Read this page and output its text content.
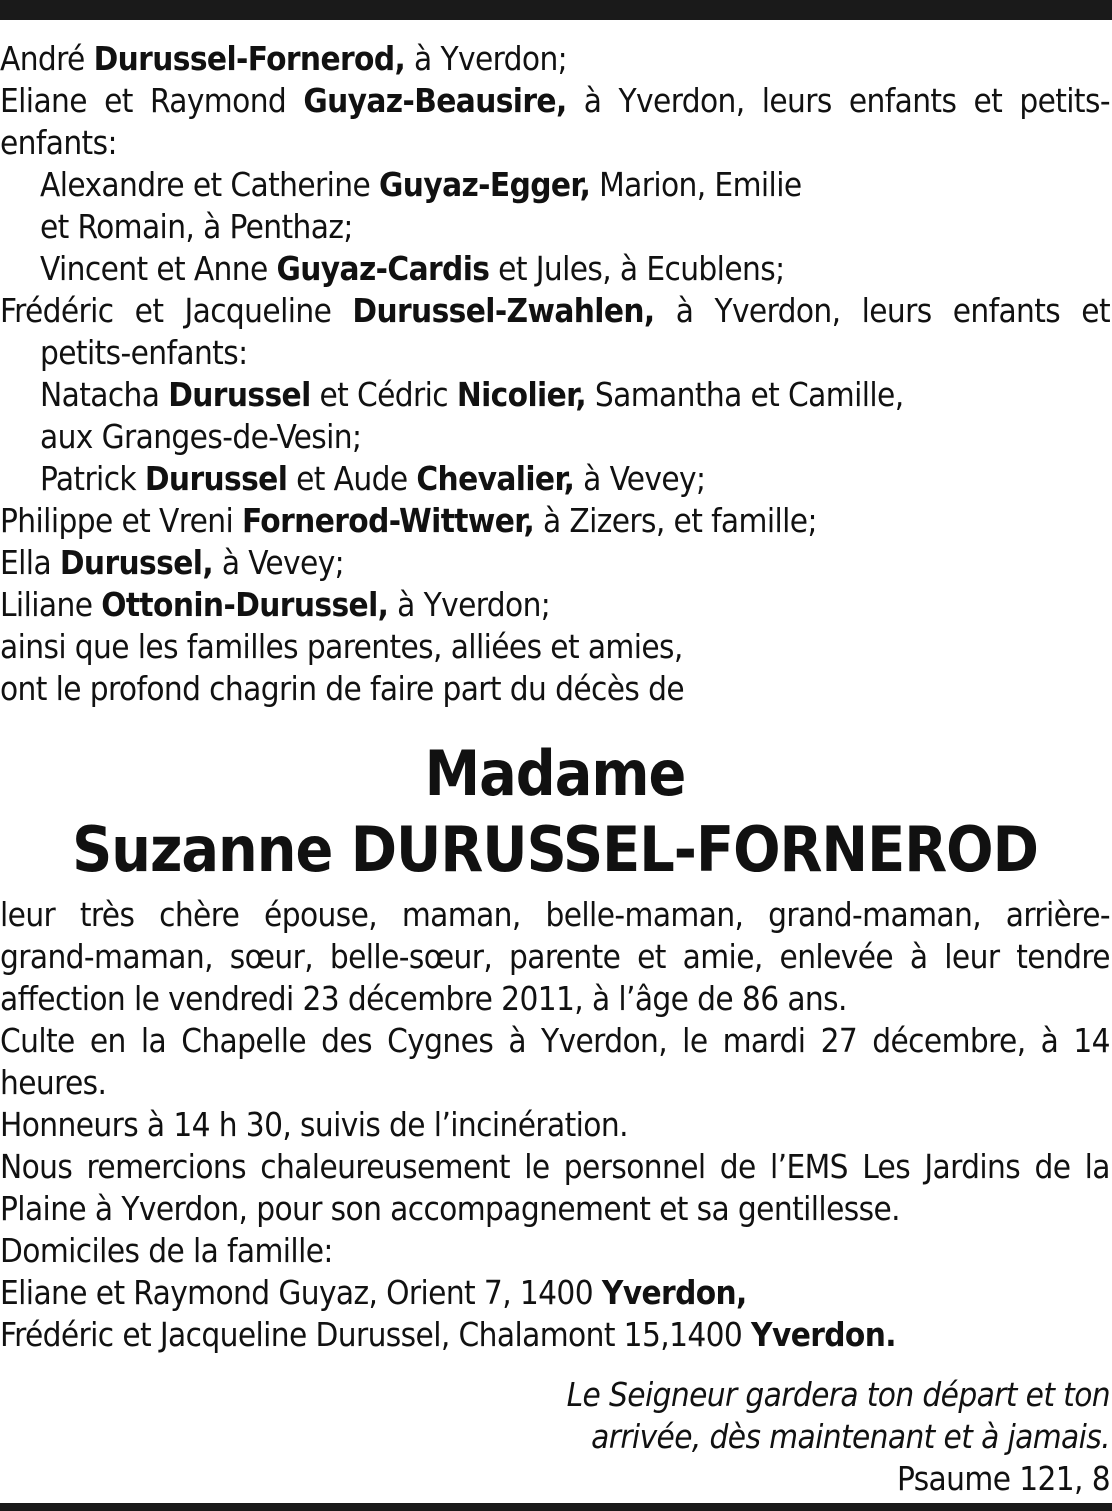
André Durussel-Fornerod, à Yverdon;
Eliane et Raymond Guyaz-Beausire, à Yverdon, leurs enfants et petits-
enfants:
Alexandre et Catherine Guyaz-Egger, Marion, Emilie
et Romain, à Penthaz;
Vincent et Anne Guyaz-Cardis et Jules, à Ecublens;
Frédéric et Jacqueline Durussel-Zwahlen, à Yverdon, leurs enfants et
petits-enfants:
Natacha Durussel et Cédric Nicolier, Samantha et Camille,
aux Granges-de-Vesin;
Patrick Durussel et Aude Chevalier, à Vevey;
Philippe et Vreni Fornerod-Wittwer, à Zizers, et famille;
Ella Durussel, à Vevey;
Liliane Ottonin-Durussel, à Yverdon;
ainsi que les familles parentes, alliées et amies,
ont le profond chagrin de faire part du décès de
Madame
Suzanne DURUSSEL-FORNEROD
leur très chère épouse, maman, belle-maman, grand-maman, arrière-
grand-maman, sœur, belle-sœur, parente et amie, enlevée à leur tendre
affection le vendredi 23 décembre 2011, à l’âge de 86 ans.
Culte en la Chapelle des Cygnes à Yverdon, le mardi 27 décembre, à 14
heures.
Honneurs à 14 h 30, suivis de l’incinération.
Nous remercions chaleureusement le personnel de l’EMS Les Jardins de la
Plaine à Yverdon, pour son accompagnement et sa gentillesse.
Domiciles de la famille:
Eliane et Raymond Guyaz, Orient 7, 1400 Yverdon,
Frédéric et Jacqueline Durussel, Chalamont 15,1400 Yverdon.
Le Seigneur gardera ton départ et ton
arrivée, dès maintenant et à jamais.
Psaume 121, 8
